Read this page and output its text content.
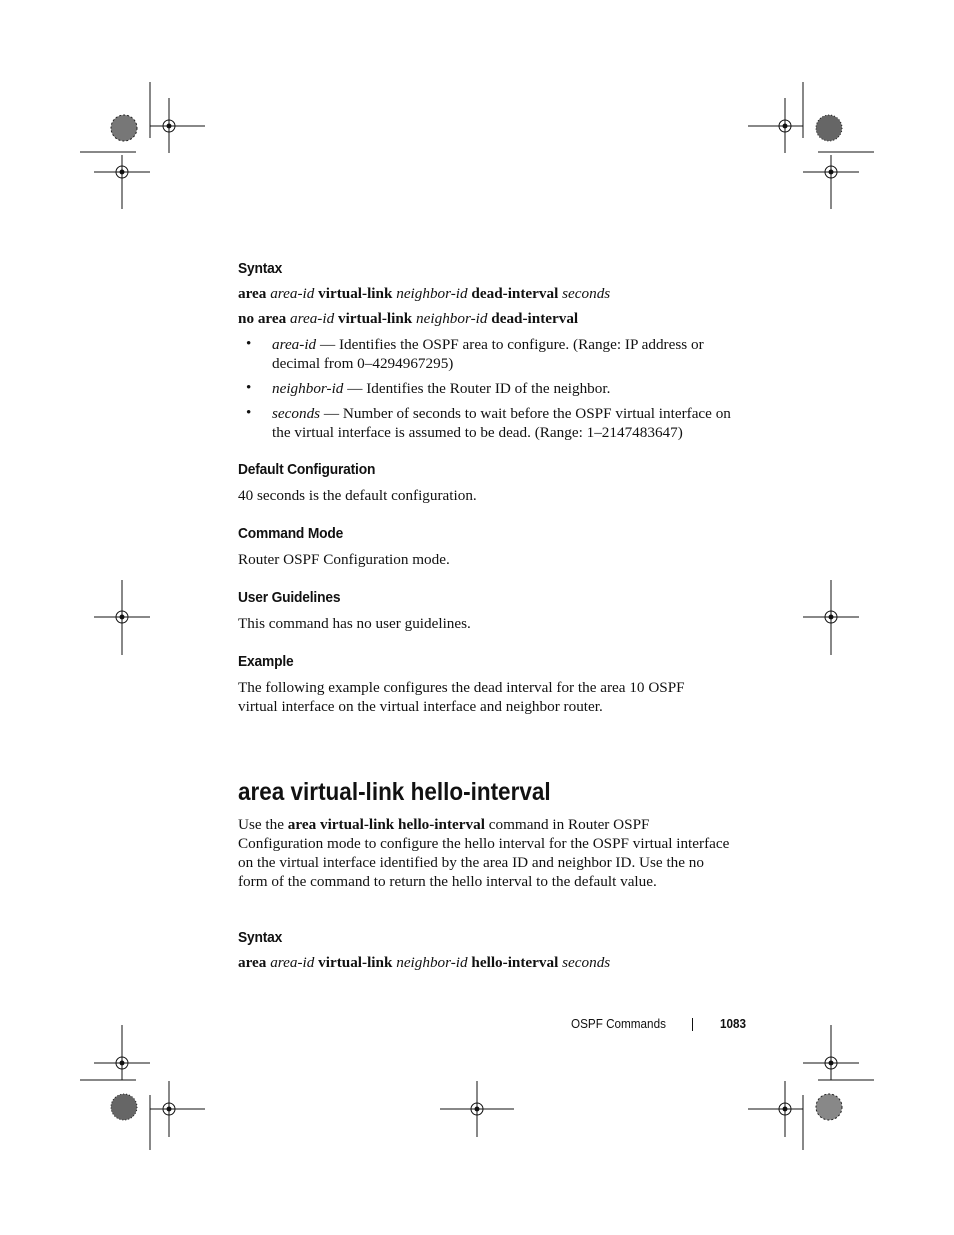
Syntax
area area-id virtual-link neighbor-id dead-interval seconds
no area area-id virtual-link neighbor-id dead-interval
• area-id — Identifies the OSPF area to configure. (Range: IP address or decimal from 0–4294967295)
• neighbor-id — Identifies the Router ID of the neighbor.
• seconds — Number of seconds to wait before the OSPF virtual interface on the virtual interface is assumed to be dead. (Range: 1–2147483647)
Default Configuration
40 seconds is the default configuration.
Command Mode
Router OSPF Configuration mode.
User Guidelines
This command has no user guidelines.
Example
The following example configures the dead interval for the area 10 OSPF virtual interface on the virtual interface and neighbor router.
area virtual-link hello-interval
Use the area virtual-link hello-interval command in Router OSPF Configuration mode to configure the hello interval for the OSPF virtual interface on the virtual interface identified by the area ID and neighbor ID. Use the no form of the command to return the hello interval to the default value.
Syntax
area area-id virtual-link neighbor-id hello-interval seconds
OSPF Commands	1083
